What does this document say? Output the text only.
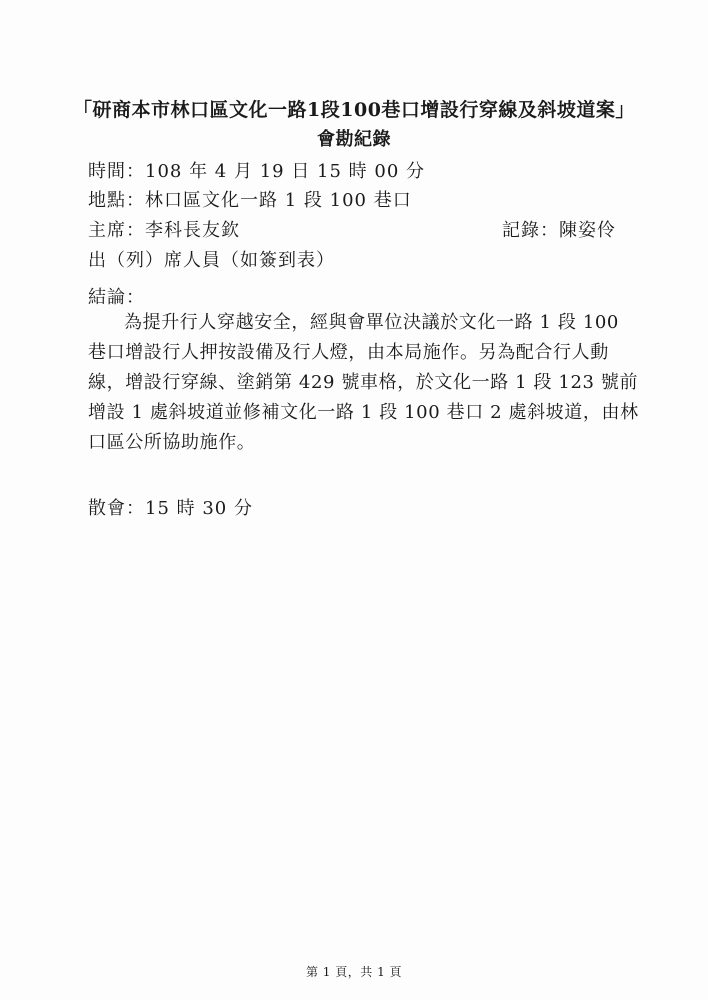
「研商本市林口區文化一路1段100巷口增設行穿線及斜坡道案」
會勘紀錄
時間：108 年 4 月 19 日 15 時 00 分
地點：林口區文化一路 1 段 100 巷口
主席：李科長友欽	記錄：陳姿伶
出（列）席人員（如簽到表）
結論：
為提升行人穿越安全，經與會單位決議於文化一路 1 段 100
巷口增設行人押按設備及行人燈，由本局施作。另為配合行人動
線，增設行穿線、塗銷第 429 號車格，於文化一路 1 段 123 號前
增設 1 處斜坡道並修補文化一路 1 段 100 巷口 2 處斜坡道，由林
口區公所協助施作。
散會：15 時 30 分
第 1 頁，共 1 頁
